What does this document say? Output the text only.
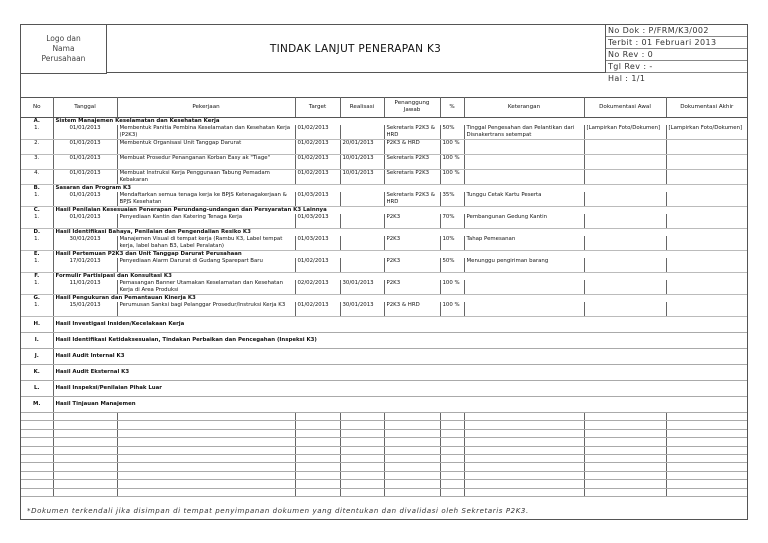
Logo dan
Nama
Perusahaan
TINDAK LANJUT PENERAPAN K3
No Dok : P/FRM/K3/002
Terbit : 01 Februari 2013
No Rev : 0
Tgl Rev : -
Hal : 1/1
No	Tanggal	Pekerjaan	Target	Realisasi	Penanggung Jawab	%	Keterangan	Dokumentasi Awal	Dokumentasi Akhir
A.	Sistem Manajemen Keselamatan dan Kesehatan Kerja								
1.	01/01/2013	Membentuk Panitia Pembina Keselamatan dan Kesehatan Kerja (P2K3)	01/02/2013		Sekretaris P2K3 & HRD	50%	Tinggal Pengesahan dan Pelantikan dari Disnakertrans setempat	[Lampirkan Foto/Dokumen]	[Lampirkan Foto/Dokumen]
2.	01/01/2013	Membentuk Organisasi Unit Tanggap Darurat	01/02/2013	20/01/2013	P2K3 & HRD	100 %			
3.	01/01/2013	Membuat Prosedur Penanganan Korban Easy ak "Tiage"	01/02/2013	10/01/2013	Sekretaris P2K3	100 %			
4.	01/01/2013	Membuat Instruksi Kerja Penggunaan Tabung Pemadam Kebakaran	01/02/2013	10/01/2013	Sekretaris P2K3	100 %			
B.	Sasaran dan Program K3								
1.	01/01/2013	Mendaftarkan semua tenaga kerja ke BPJS Ketenagakerjaan & BPJS Kesehatan	01/03/2013		Sekretaris P2K3 & HRD	35%	Tunggu Cetak Kartu Peserta		
C.	Hasil Penilaian Kesesuaian Penerapan Perundang-undangan dan Persyaratan K3 Lainnya								
1.	01/01/2013	Penyediaan Kantin dan Katering Tenaga Kerja	01/03/2013		P2K3	70%	Pembangunan Gedung Kantin		
D.	Hasil Identifikasi Bahaya, Penilaian dan Pengendalian Resiko K3								
1.	30/01/2013	Manajemen Visual di tempat kerja (Rambu K3, Label tempat kerja, label bahan B3, Label Peralatan)	01/03/2013		P2K3	10%	Tahap Pemesanan		
E.	Hasil Pertemuan P2K3 dan Unit Tanggap Darurat Perusahaan								
1.	17/01/2013	Penyediaan Alarm Darurat di Gudang Sparepart Baru	01/02/2013		P2K3	50%	Menunggu pengiriman barang		
F.	Formulir Partisipasi dan Konsultasi K3								
1.	11/01/2013	Pemasangan Banner Utamakan Keselamatan dan Kesehatan Kerja di Area Produksi	02/02/2013	30/01/2013	P2K3	100 %			
G.	Hasil Pengukuran dan Pemantauan Kinerja K3								
1.	15/01/2013	Perumusan Sanksi bagi Pelanggar Prosedur/Instruksi Kerja K3	01/02/2013	30/01/2013	P2K3 & HRD	100 %			
H.	Hasil Investigasi Insiden/Kecelakaan Kerja								
I.	Hasil Identifikasi Ketidaksesuaian, Tindakan Perbaikan dan Pencegahan (Inspeksi K3)								
J.	Hasil Audit Internal K3								
K.	Hasil Audit Eksternal K3								
L.	Hasil Inspeksi/Penilaian Pihak Luar								
M.	Hasil Tinjauan Manajemen								

*Dokumen terkendali jika disimpan di tempat penyimpanan dokumen yang ditentukan dan divalidasi oleh Sekretaris P2K3.
